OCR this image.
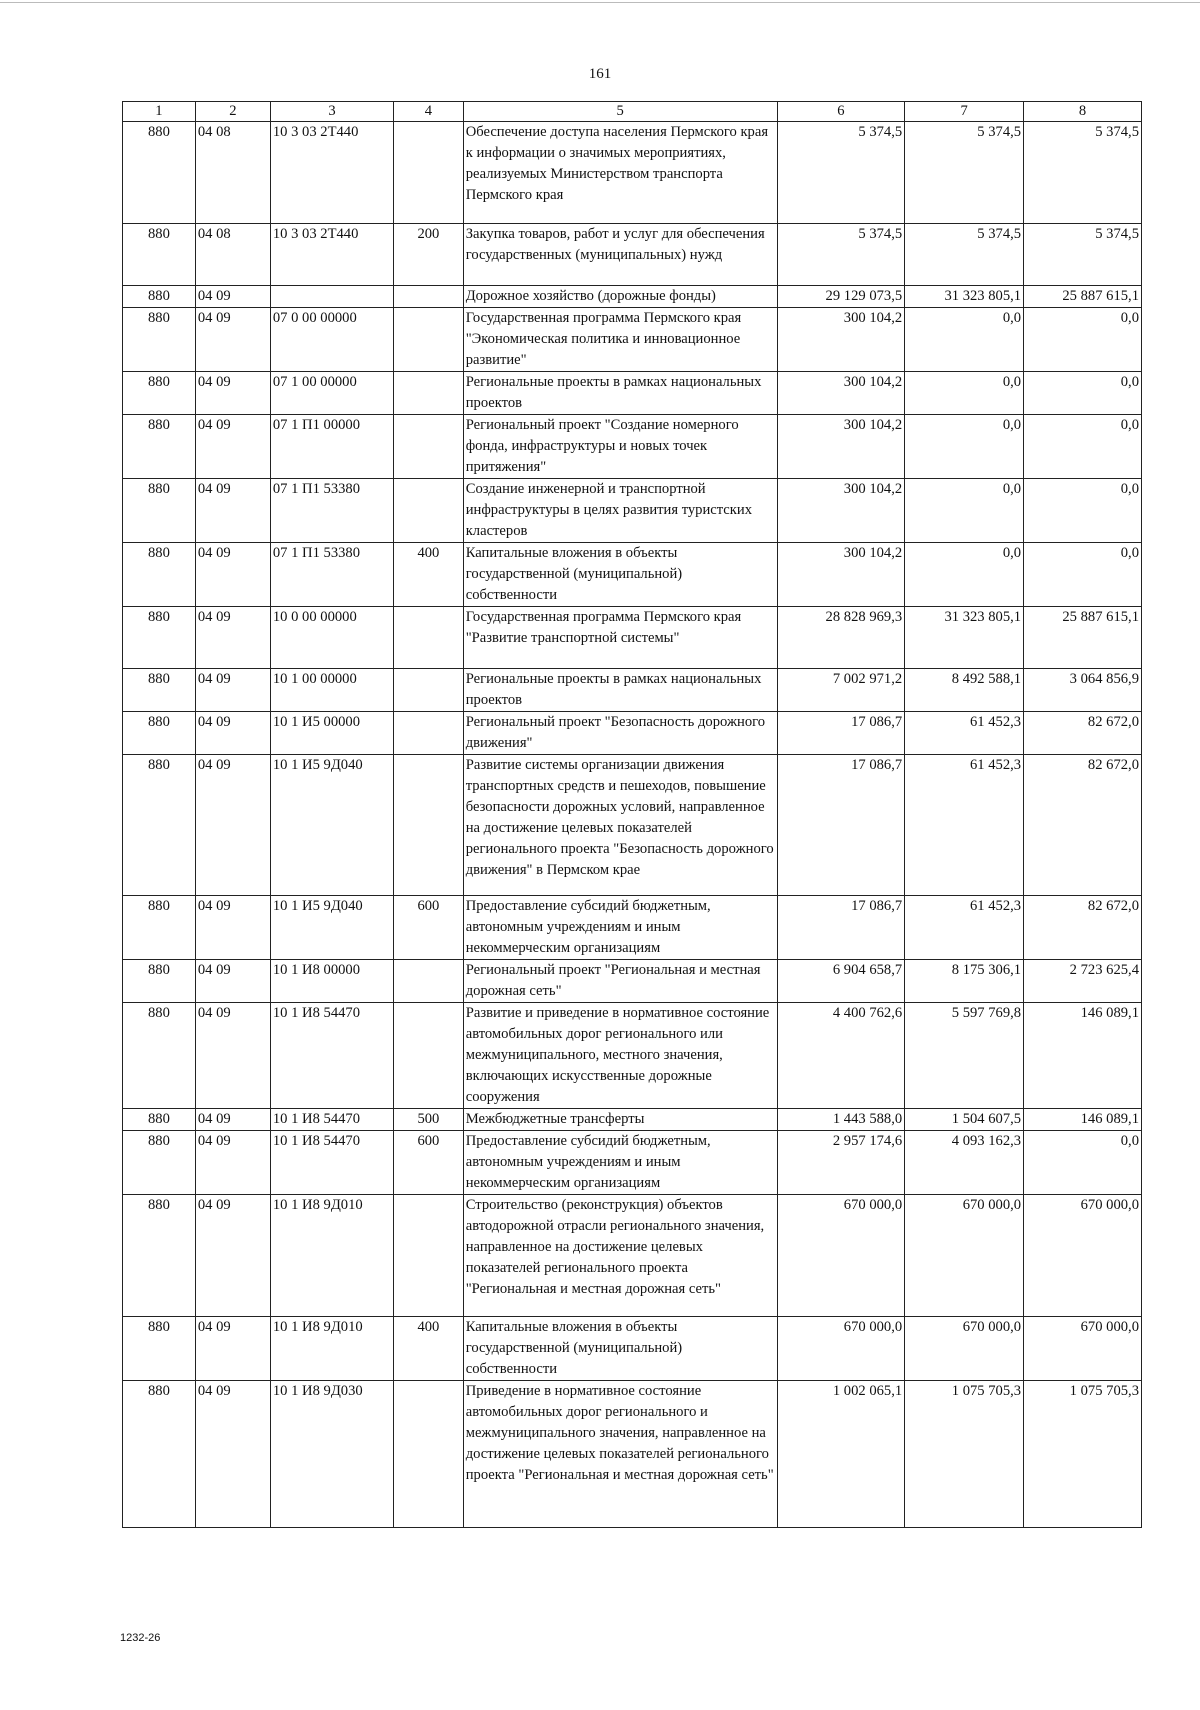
161
1	2	3	4	5	6	7	8
880	04 08	10 3 03 2Т440		Обеспечение доступа населения Пермского края к информации о значимых мероприятиях, реализуемых Министерством транспорта Пермского края	5 374,5	5 374,5	5 374,5
880	04 08	10 3 03 2Т440	200	Закупка товаров, работ и услуг для обеспечения государственных (муниципальных) нужд	5 374,5	5 374,5	5 374,5
880	04 09			Дорожное хозяйство (дорожные фонды)	29 129 073,5	31 323 805,1	25 887 615,1
880	04 09	07 0 00 00000		Государственная программа Пермского края "Экономическая политика и инновационное развитие"	300 104,2	0,0	0,0
880	04 09	07 1 00 00000		Региональные проекты в рамках национальных проектов	300 104,2	0,0	0,0
880	04 09	07 1 П1 00000		Региональный проект "Создание номерного фонда, инфраструктуры и новых точек притяжения"	300 104,2	0,0	0,0
880	04 09	07 1 П1 53380		Создание инженерной и транспортной инфраструктуры в целях развития туристских кластеров	300 104,2	0,0	0,0
880	04 09	07 1 П1 53380	400	Капитальные вложения в объекты государственной (муниципальной) собственности	300 104,2	0,0	0,0
880	04 09	10 0 00 00000		Государственная программа Пермского края "Развитие транспортной системы"	28 828 969,3	31 323 805,1	25 887 615,1
880	04 09	10 1 00 00000		Региональные проекты в рамках национальных проектов	7 002 971,2	8 492 588,1	3 064 856,9
880	04 09	10 1 И5 00000		Региональный проект "Безопасность дорожного движения"	17 086,7	61 452,3	82 672,0
880	04 09	10 1 И5 9Д040		Развитие системы организации движения транспортных средств и пешеходов, повышение безопасности дорожных условий, направленное на достижение целевых показателей регионального проекта "Безопасность дорожного движения" в Пермском крае	17 086,7	61 452,3	82 672,0
880	04 09	10 1 И5 9Д040	600	Предоставление субсидий бюджетным, автономным учреждениям и иным некоммерческим организациям	17 086,7	61 452,3	82 672,0
880	04 09	10 1 И8 00000		Региональный проект "Региональная и местная дорожная сеть"	6 904 658,7	8 175 306,1	2 723 625,4
880	04 09	10 1 И8 54470		Развитие и приведение в нормативное состояние автомобильных дорог регионального или межмуниципального, местного значения, включающих искусственные дорожные сооружения	4 400 762,6	5 597 769,8	146 089,1
880	04 09	10 1 И8 54470	500	Межбюджетные трансферты	1 443 588,0	1 504 607,5	146 089,1
880	04 09	10 1 И8 54470	600	Предоставление субсидий бюджетным, автономным учреждениям и иным некоммерческим организациям	2 957 174,6	4 093 162,3	0,0
880	04 09	10 1 И8 9Д010		Строительство (реконструкция) объектов автодорожной отрасли регионального значения, направленное на достижение целевых показателей регионального проекта "Региональная и местная дорожная сеть"	670 000,0	670 000,0	670 000,0
880	04 09	10 1 И8 9Д010	400	Капитальные вложения в объекты государственной (муниципальной) собственности	670 000,0	670 000,0	670 000,0
880	04 09	10 1 И8 9Д030		Приведение в нормативное состояние автомобильных дорог регионального и межмуниципального значения, направленное на достижение целевых показателей регионального проекта "Региональная и местная дорожная сеть"	1 002 065,1	1 075 705,3	1 075 705,3
1232-26
